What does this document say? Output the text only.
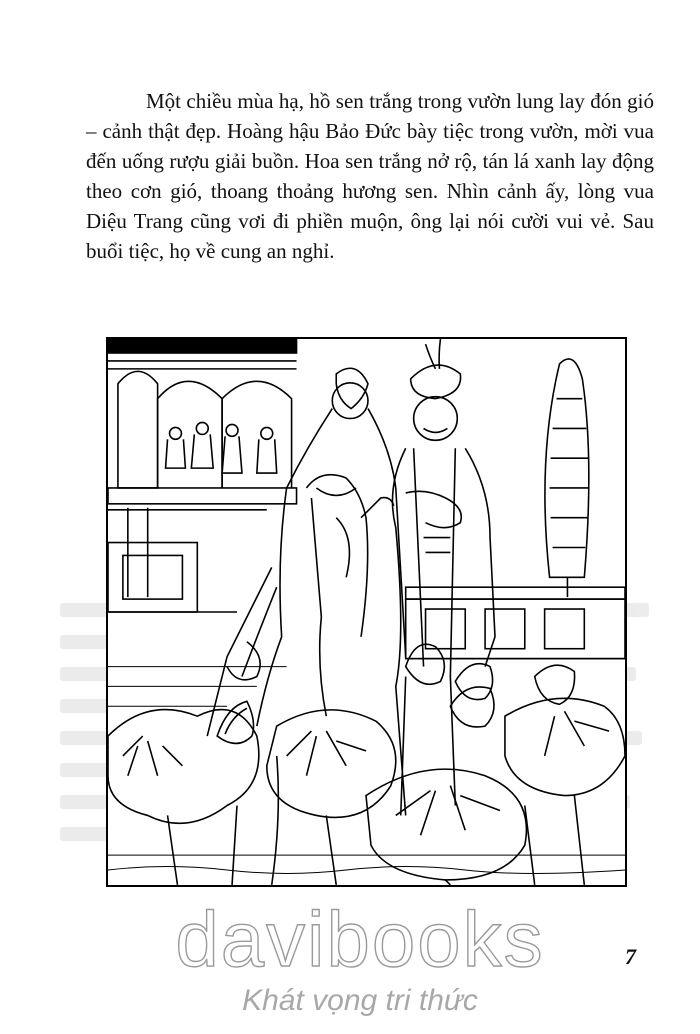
Một chiều mùa hạ, hồ sen trắng trong vườn lung lay đón gió – cảnh thật đẹp. Hoàng hậu Bảo Đức bày tiệc trong vườn, mời vua đến uống rượu giải buồn. Hoa sen trắng nở rộ, tán lá xanh lay động theo cơn gió, thoang thoảng hương sen. Nhìn cảnh ấy, lòng vua Diệu Trang cũng vơi đi phiền muộn, ông lại nói cười vui vẻ. Sau buổi tiệc, họ về cung an nghỉ.

7
davibooks
Khát vọng tri thức
